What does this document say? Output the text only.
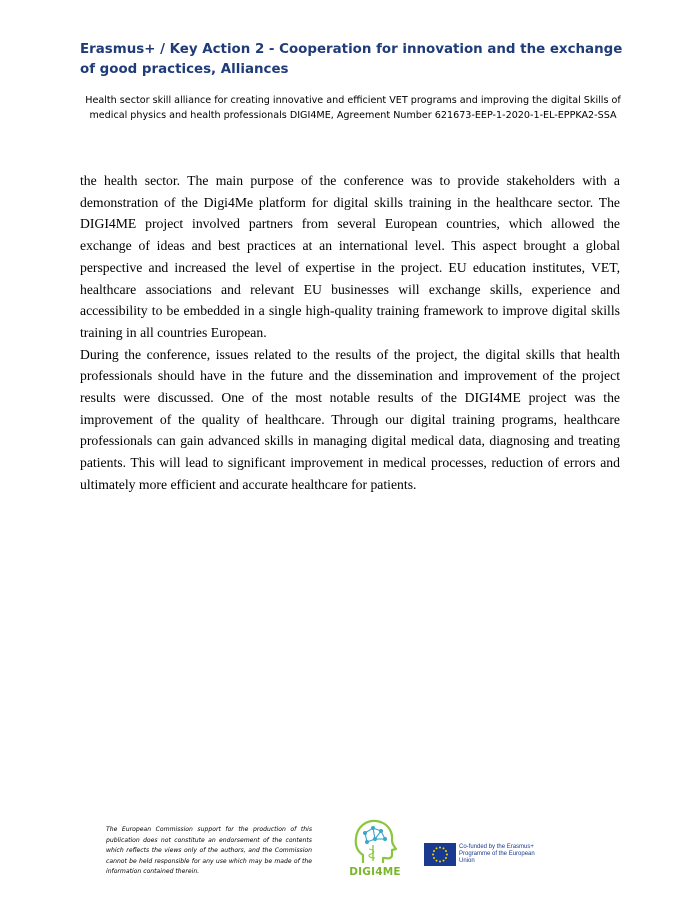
Erasmus+ / Key Action 2 - Cooperation for innovation and the exchange of good practices, Alliances
Health sector skill alliance for creating innovative and efficient VET programs and improving the digital Skills of medical physics and health professionals DIGI4ME, Agreement Number 621673-EEP-1-2020-1-EL-EPPKA2-SSA

the health sector. The main purpose of the conference was to provide stakeholders with a demonstration of the Digi4Me platform for digital skills training in the healthcare sector. The DIGI4ME project involved partners from several European countries, which allowed the exchange of ideas and best practices at an international level. This aspect brought a global perspective and increased the level of expertise in the project. EU education institutes, VET, healthcare associations and relevant EU businesses will exchange skills, experience and accessibility to be embedded in a single high-quality training framework to improve digital skills training in all countries European.

During the conference, issues related to the results of the project, the digital skills that health professionals should have in the future and the dissemination and improvement of the project results were discussed. One of the most notable results of the DIGI4ME project was the improvement of the quality of healthcare. Through our digital training programs, healthcare professionals can gain advanced skills in managing digital medical data, diagnosing and treating patients. This will lead to significant improvement in medical processes, reduction of errors and ultimately more efficient and accurate healthcare for patients.

The European Commission support for the production of this publication does not constitute an endorsement of the contents which reflects the views only of the authors, and the Commission cannot be held responsible for any use which may be made of the information contained therein.	DIGI4ME
Co-funded by the Erasmus+ Programme of the European Union
